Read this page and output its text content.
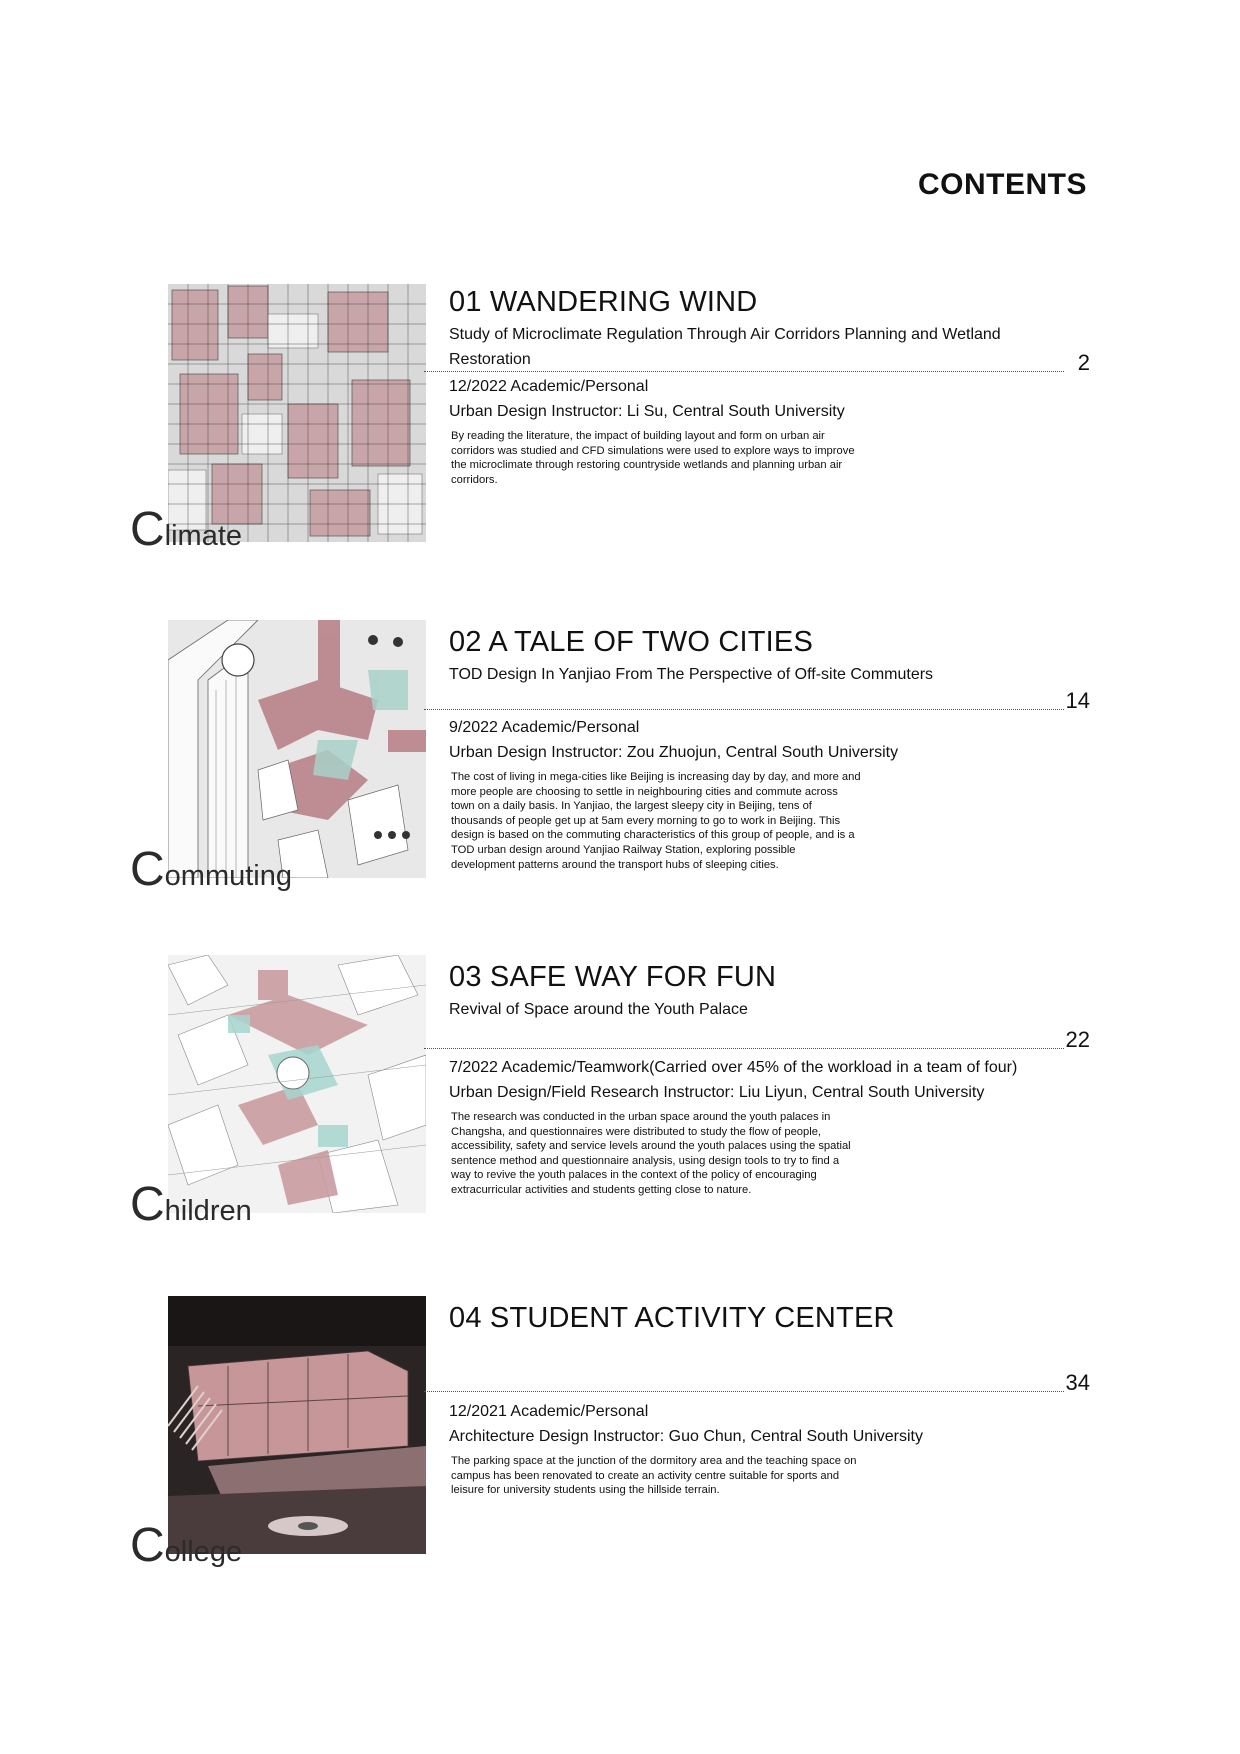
CONTENTS
Climate
01 WANDERING WIND
Study of Microclimate Regulation Through Air Corridors Planning and Wetland Restoration	2
12/2022 Academic/Personal
Urban Design Instructor: Li Su, Central South University
By reading the literature, the impact of building layout and form on urban air corridors was studied and CFD simulations were used to explore ways to improve the microclimate through restoring countryside wetlands and planning urban air corridors.
Commuting
02 A TALE OF TWO CITIES
TOD Design In Yanjiao From The Perspective of Off-site Commuters
14
9/2022 Academic/Personal
Urban Design Instructor: Zou Zhuojun, Central South University
The cost of living in mega-cities like Beijing is increasing day by day, and more and more people are choosing to settle in neighbouring cities and commute across town on a daily basis. In Yanjiao, the largest sleepy city in Beijing, tens of thousands of people get up at 5am every morning to go to work in Beijing. This design is based on the commuting characteristics of this group of people, and is a TOD urban design around Yanjiao Railway Station, exploring possible development patterns around the transport hubs of sleeping cities.
Children
03 SAFE WAY FOR FUN
Revival of Space around the Youth Palace
22
7/2022 Academic/Teamwork(Carried over 45% of the workload in a team of four)
Urban Design/Field Research Instructor: Liu Liyun, Central South University
The research was conducted in the urban space around the youth palaces in Changsha, and questionnaires were distributed to study the flow of people, accessibility, safety and service levels around the youth palaces using the spatial sentence method and questionnaire analysis, using design tools to try to find a way to revive the youth palaces in the context of the policy of encouraging extracurricular activities and students getting close to nature.
College
04 STUDENT ACTIVITY CENTER
34
12/2021 Academic/Personal
Architecture Design Instructor: Guo Chun, Central South University
The parking space at the junction of the dormitory area and the teaching space on campus has been renovated to create an activity centre suitable for sports and leisure for university students using the hillside terrain.
